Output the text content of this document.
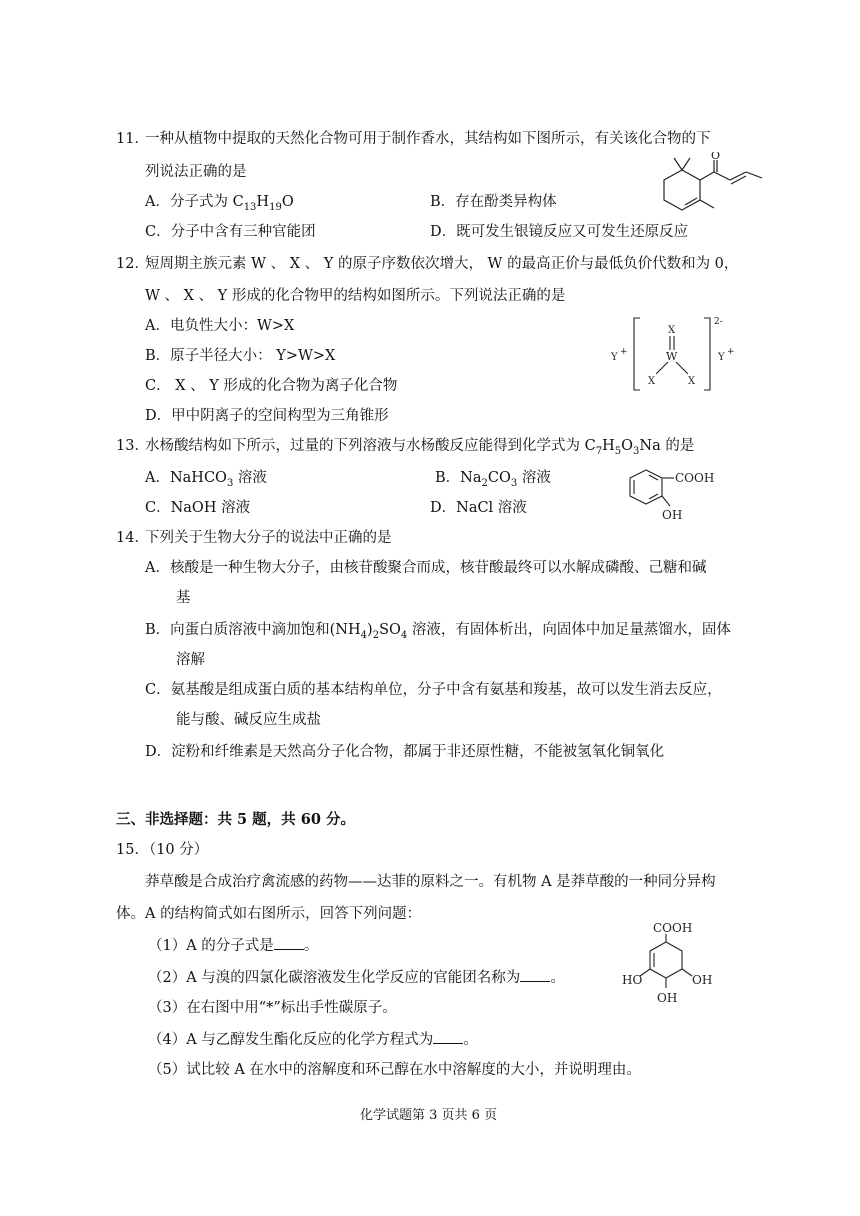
11．
一种从植物中提取的天然化合物可用于制作香水，其结构如下图所示，有关该化合物的下
列说法正确的是
A．分子式为 $C_{13}H_{19}O$	B．存在酚类异构体
C．分子中含有三种官能团	D．既可发生银镜反应又可发生还原反应
O
12．
短周期主族元素 W 、 X 、 Y 的原子序数依次增大， W 的最高正价与最低负价代数和为 0，
W 、 X 、 Y 形成的化合物甲的结构如图所示。下列说法正确的是
A．电负性大小：W>X
B．原子半径大小： Y>W>X
C． X 、 Y 形成的化合物为离子化合物
D．甲中阴离子的空间构型为三角锥形
X
W
X	X
Y +	Y +
2-
13．
水杨酸结构如下所示，过量的下列溶液与水杨酸反应能得到化学式为 $C_7H_5O_3Na$ 的是
A．NaHCO$_3$ 溶液	B．$Na_2CO_3$ 溶液
C．NaOH 溶液	D．NaCl 溶液
COOH
OH
14．
下列关于生物大分子的说法中正确的是
A．核酸是一种生物大分子，由核苷酸聚合而成，核苷酸最终可以水解成磷酸、己糖和碱
基
B．向蛋白质溶液中滴加饱和$(NH_4)_2SO_4$ 溶液，有固体析出，向固体中加足量蒸馏水，固体
溶解
C．氨基酸是组成蛋白质的基本结构单位，分子中含有氨基和羧基，故可以发生消去反应，
能与酸、碱反应生成盐
D．淀粉和纤维素是天然高分子化合物，都属于非还原性糖，不能被氢氧化铜氧化
三、非选择题：共 5 题，共 60 分。
15．（10 分）
莽草酸是合成治疗禽流感的药物——达菲的原料之一。有机物 A 是莽草酸的一种同分异构
体。A 的结构简式如右图所示，回答下列问题：
（1）A 的分子式是 。
（2）A 与溴的四氯化碳溶液发生化学反应的官能团名称为 。
（3）在右图中用“*”标出手性碳原子。
（4）A 与乙醇发生酯化反应的化学方程式为 。
（5）试比较 A 在水中的溶解度和环己醇在水中溶解度的大小，并说明理由。
COOH
HO
OH
OH
化学试题第 3 页共 6 页
